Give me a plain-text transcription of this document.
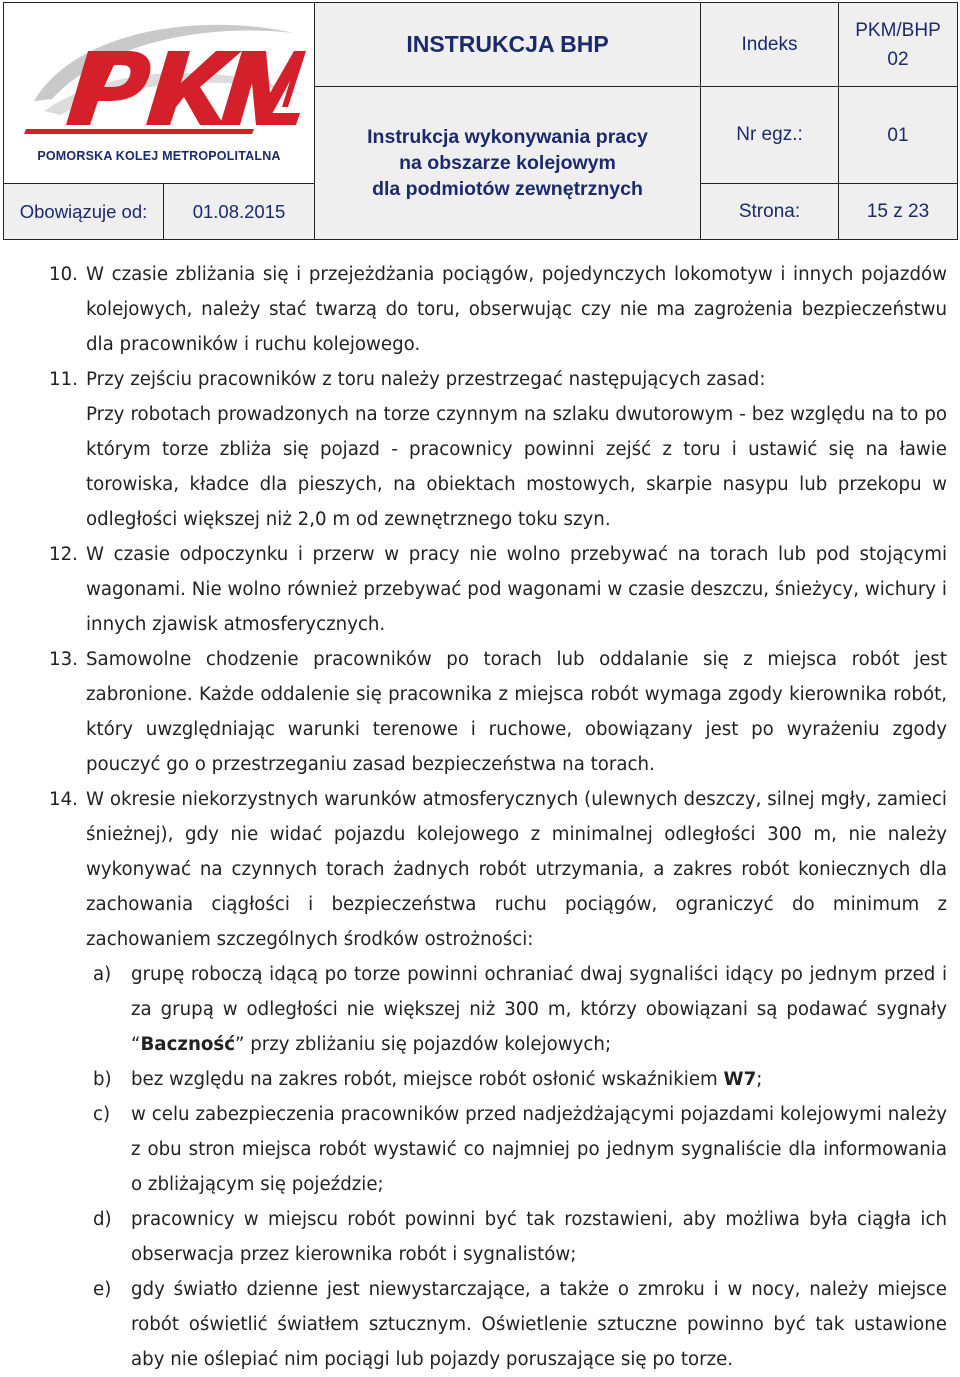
POMORSKA KOLEJ METROPOLITALNA		INSTRUKCJA BHP	Indeks	PKM/BHP
02

		Instrukcja wykonywania pracy
na obszarze kolejowym
dla podmiotów zewnętrznych	Nr egz.:	01
Obowiązuje od:	01.08.2015		Strona:	15 z 23

10. W czasie zbliżania się i przejeżdżania pociągów, pojedynczych lokomotyw i innych pojazdów kolejowych, należy stać twarzą do toru, obserwując czy nie ma zagrożenia bezpieczeństwu dla pracowników i ruchu kolejowego.

11. Przy zejściu pracowników z toru należy przestrzegać następujących zasad:
Przy robotach prowadzonych na torze czynnym na szlaku dwutorowym - bez względu na to po którym torze zbliża się pojazd - pracownicy powinni zejść z toru i ustawić się na ławie torowiska, kładce dla pieszych, na obiektach mostowych, skarpie nasypu lub przekopu w odległości większej niż 2,0 m od zewnętrznego toku szyn.

12. W czasie odpoczynku i przerw w pracy nie wolno przebywać na torach lub pod stojącymi wagonami. Nie wolno również przebywać pod wagonami w czasie deszczu, śnieżycy, wichury i innych zjawisk atmosferycznych.

13. Samowolne chodzenie pracowników po torach lub oddalanie się z miejsca robót jest zabronione. Każde oddalenie się pracownika z miejsca robót wymaga zgody kierownika robót, który uwzględniając warunki terenowe i ruchowe, obowiązany jest po wyrażeniu zgody pouczyć go o przestrzeganiu zasad bezpieczeństwa na torach.

14. W okresie niekorzystnych warunków atmosferycznych (ulewnych deszczy, silnej mgły, zamieci śnieżnej), gdy nie widać pojazdu kolejowego z minimalnej odległości 300 m, nie należy wykonywać na czynnych torach żadnych robót utrzymania, a zakres robót koniecznych dla zachowania ciągłości i bezpieczeństwa ruchu pociągów, ograniczyć do minimum z zachowaniem szczególnych środków ostrożności:

a) grupę roboczą idącą po torze powinni ochraniać dwaj sygnaliści idący po jednym przed i za grupą w odległości nie większej niż 300 m, którzy obowiązani są podawać sygnały “Baczność” przy zbliżaniu się pojazdów kolejowych;

b) bez względu na zakres robót, miejsce robót osłonić wskaźnikiem W7;

c) w celu zabezpieczenia pracowników przed nadjeżdżającymi pojazdami kolejowymi należy z obu stron miejsca robót wystawić co najmniej po jednym sygnaliście dla informowania o zbliżającym się pojeździe;

d) pracownicy w miejscu robót powinni być tak rozstawieni, aby możliwa była ciągła ich obserwacja przez kierownika robót i sygnalistów;

e) gdy światło dzienne jest niewystarczające, a także o zmroku i w nocy, należy miejsce robót oświetlić światłem sztucznym. Oświetlenie sztuczne powinno być tak ustawione aby nie oślepiać nim pociągi lub pojazdy poruszające się po torze.
